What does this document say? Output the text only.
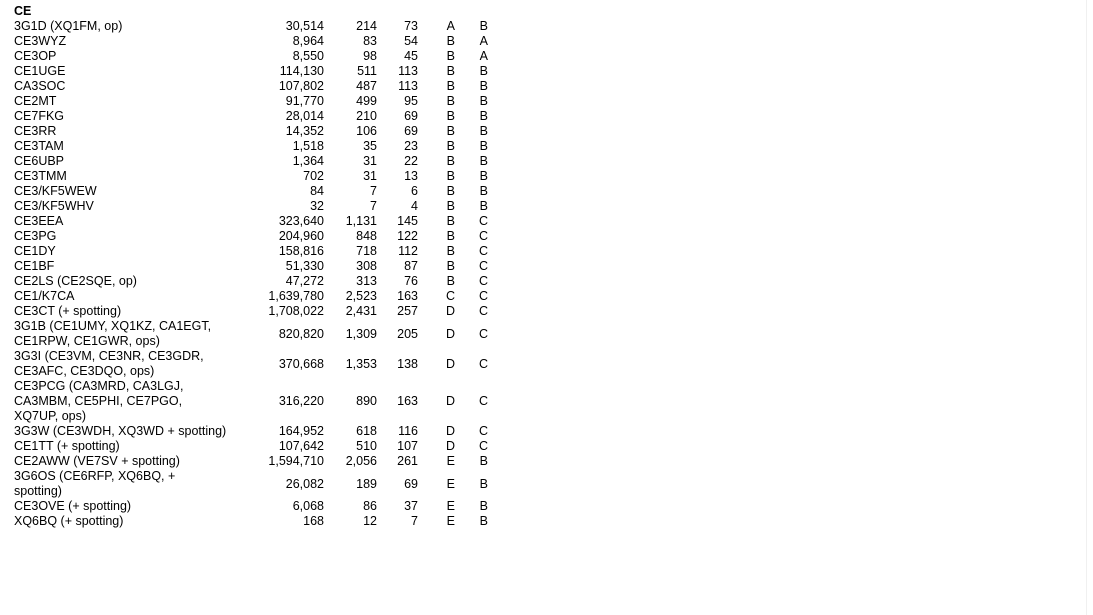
CE
3G1D (XQ1FM, op)	30,514	214	73	A	B
CE3WYZ	8,964	83	54	B	A
CE3OP	8,550	98	45	B	A
CE1UGE	114,130	511	113	B	B
CA3SOC	107,802	487	113	B	B
CE2MT	91,770	499	95	B	B
CE7FKG	28,014	210	69	B	B
CE3RR	14,352	106	69	B	B
CE3TAM	1,518	35	23	B	B
CE6UBP	1,364	31	22	B	B
CE3TMM	702	31	13	B	B
CE3/KF5WEW	84	7	6	B	B
CE3/KF5WHV	32	7	4	B	B
CE3EEA	323,640	1,131	145	B	C
CE3PG	204,960	848	122	B	C
CE1DY	158,816	718	112	B	C
CE1BF	51,330	308	87	B	C
CE2LS (CE2SQE, op)	47,272	313	76	B	C
CE1/K7CA	1,639,780	2,523	163	C	C
CE3CT (+ spotting)	1,708,022	2,431	257	D	C
3G1B (CE1UMY, XQ1KZ, CA1EGT, CE1RPW, CE1GWR, ops)	820,820	1,309	205	D	C
3G3I (CE3VM, CE3NR, CE3GDR, CE3AFC, CE3DQO, ops)	370,668	1,353	138	D	C
CE3PCG (CA3MRD, CA3LGJ, CA3MBM, CE5PHI, CE7PGO, XQ7UP, ops)	316,220	890	163	D	C
3G3W (CE3WDH, XQ3WD + spotting)	164,952	618	116	D	C
CE1TT (+ spotting)	107,642	510	107	D	C
CE2AWW (VE7SV + spotting)	1,594,710	2,056	261	E	B
3G6OS (CE6RFP, XQ6BQ, + spotting)	26,082	189	69	E	B
CE3OVE (+ spotting)	6,068	86	37	E	B
XQ6BQ (+ spotting)	168	12	7	E	B
